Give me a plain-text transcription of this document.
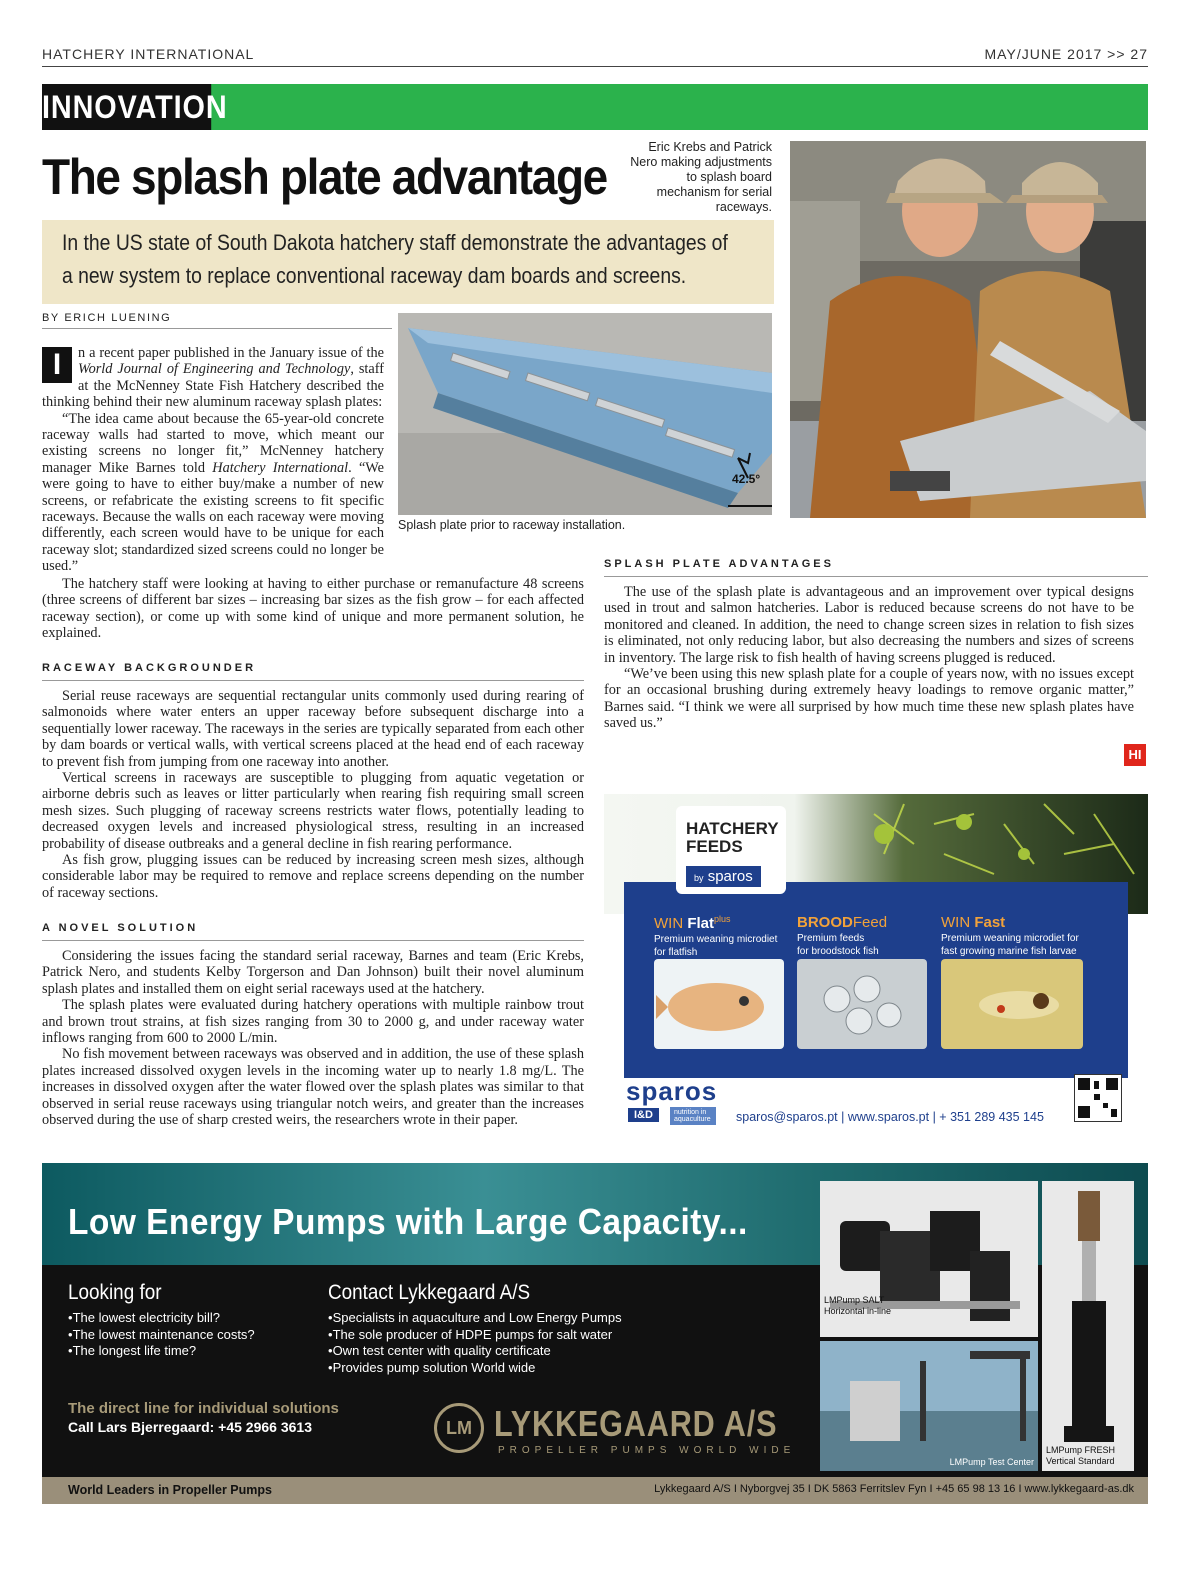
HATCHERY INTERNATIONAL	MAY/JUNE 2017 >> 27
INNOVATION
The splash plate advantage
Eric Krebs and Patrick Nero making adjustments to splash board mechanism for serial raceways.
In the US state of South Dakota hatchery staff demonstrate the advantages of
a new system to replace conventional raceway dam boards and screens.
BY ERICH LUENING
42.5°
Splash plate prior to raceway installation.

I	n a recent paper published in the January issue of the World Journal of Engineering and Technology, staff at the McNenney State Fish Hatchery described the thinking behind their new aluminum raceway splash plates:

“The idea came about because the 65-year-old concrete raceway walls had started to move, which meant our existing screens no longer fit,” McNenney hatchery manager Mike Barnes told Hatchery International. “We were going to have to either buy/make a number of new screens, or refabricate the existing screens to fit specific raceways. Because the walls on each raceway were moving differently, each screen would have to be unique for each raceway slot; standardized sized screens could no longer be used.”

The hatchery staff were looking at having to either purchase or remanufacture 48 screens (three screens of different bar sizes – increasing bar sizes as the fish grow – for each affected raceway section), or come up with some kind of unique and more permanent solution, he explained.

RACEWAY BACKGROUNDER

Serial reuse raceways are sequential rectangular units commonly used during rearing of salmonoids where water enters an upper raceway before subsequent discharge into a sequentially lower raceway. The raceways in the series are typically separated from each other by dam boards or vertical walls, with vertical screens placed at the head end of each raceway to prevent fish from jumping from one raceway into another.

Vertical screens in raceways are susceptible to plugging from aquatic vegetation or airborne debris such as leaves or litter particularly when rearing fish requiring small screen mesh sizes. Such plugging of raceway screens restricts water flows, potentially leading to decreased oxygen levels and increased physiological stress, resulting in an increased probability of disease outbreaks and a general decline in fish rearing performance.

As fish grow, plugging issues can be reduced by increasing screen mesh sizes, although considerable labor may be required to remove and replace screens depending on the number of raceway sections.

A NOVEL SOLUTION

Considering the issues facing the standard serial raceway, Barnes and team (Eric Krebs, Patrick Nero, and students Kelby Torgerson and Dan Johnson) built their novel aluminum splash plates and installed them on eight serial raceways used at the hatchery.

The splash plates were evaluated during hatchery operations with multiple rainbow trout and brown trout strains, at fish sizes ranging from 30 to 2000 g, and under raceway water inflows ranging from 600 to 2000 L/min.

No fish movement between raceways was observed and in addition, the use of these splash plates increased dissolved oxygen levels in the incoming water up to nearly 1.8 mg/L. The increases in dissolved oxygen after the water flowed over the splash plates was similar to that observed in serial reuse raceways using triangular notch weirs, and greater than the increases observed during the use of sharp crested weirs, the researchers wrote in their paper.

SPLASH PLATE ADVANTAGES

The use of the splash plate is advantageous and an improvement over typical designs used in trout and salmon hatcheries. Labor is reduced because screens do not have to be monitored and cleaned. In addition, the need to change screen sizes in relation to fish sizes is eliminated, not only reducing labor, but also decreasing the numbers and sizes of screens in inventory. The large risk to fish health of having screens plugged is reduced.

“We’ve been using this new splash plate for a couple of years now, with no issues except for an occasional brushing during extremely heavy loadings to remove organic matter,” Barnes said. “I think we were all surprised by how much time these new splash plates have saved us.”

HI
HATCHERY
FEEDS
by sparos
WIN Flat$^{plus}$
Premium weaning microdiet
for flatfish
BROODFeed
Premium feeds
for broodstock fish
WIN Fast
Premium weaning microdiet for
fast growing marine fish larvae
sparos
I&D	nutrition in aquaculture	sparos@sparos.pt | www.sparos.pt | + 351 289 435 145
Low Energy Pumps with Large Capacity...
Looking for
• The lowest electricity bill?
• The lowest maintenance costs?
• The longest life time?
Contact Lykkegaard A/S
• Specialists in aquaculture and Low Energy Pumps
• The sole producer of HDPE pumps for salt water
• Own test center with quality certificate
• Provides pump solution World wide
The direct line for individual solutions
Call Lars Bjerregaard: +45 2966 3613	LM LYKKEGAARD A/S
PROPELLER PUMPS WORLD WIDE
LMPump SALT
Horizontal in-line
LMPump Test Center
LMPump FRESH
Vertical Standard
World Leaders in Propeller Pumps	Lykkegaard A/S I Nyborgvej 35 I DK 5863 Ferritslev Fyn I +45 65 98 13 16 I www.lykkegaard-as.dk
